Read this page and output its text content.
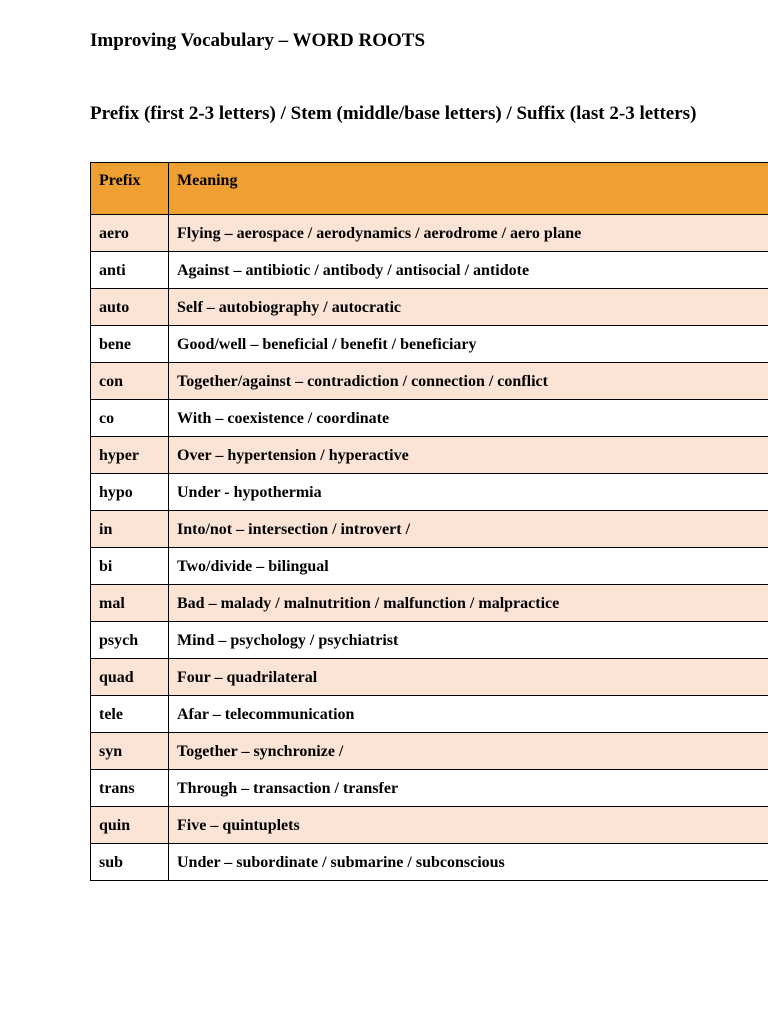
Improving Vocabulary – WORD ROOTS
Prefix (first 2-3 letters) / Stem (middle/base letters) / Suffix (last 2-3 letters)
Prefix	Meaning
aero	Flying – aerospace / aerodynamics / aerodrome / aero plane
anti	Against – antibiotic / antibody / antisocial / antidote
auto	Self – autobiography / autocratic
bene	Good/well – beneficial / benefit / beneficiary
con	Together/against – contradiction / connection / conflict
co	With – coexistence / coordinate
hyper	Over – hypertension / hyperactive
hypo	Under - hypothermia
in	Into/not – intersection / introvert /
bi	Two/divide – bilingual
mal	Bad – malady / malnutrition / malfunction / malpractice
psych	Mind – psychology / psychiatrist
quad	Four – quadrilateral
tele	Afar – telecommunication
syn	Together – synchronize /
trans	Through – transaction / transfer
quin	Five – quintuplets
sub	Under – subordinate / submarine / subconscious
